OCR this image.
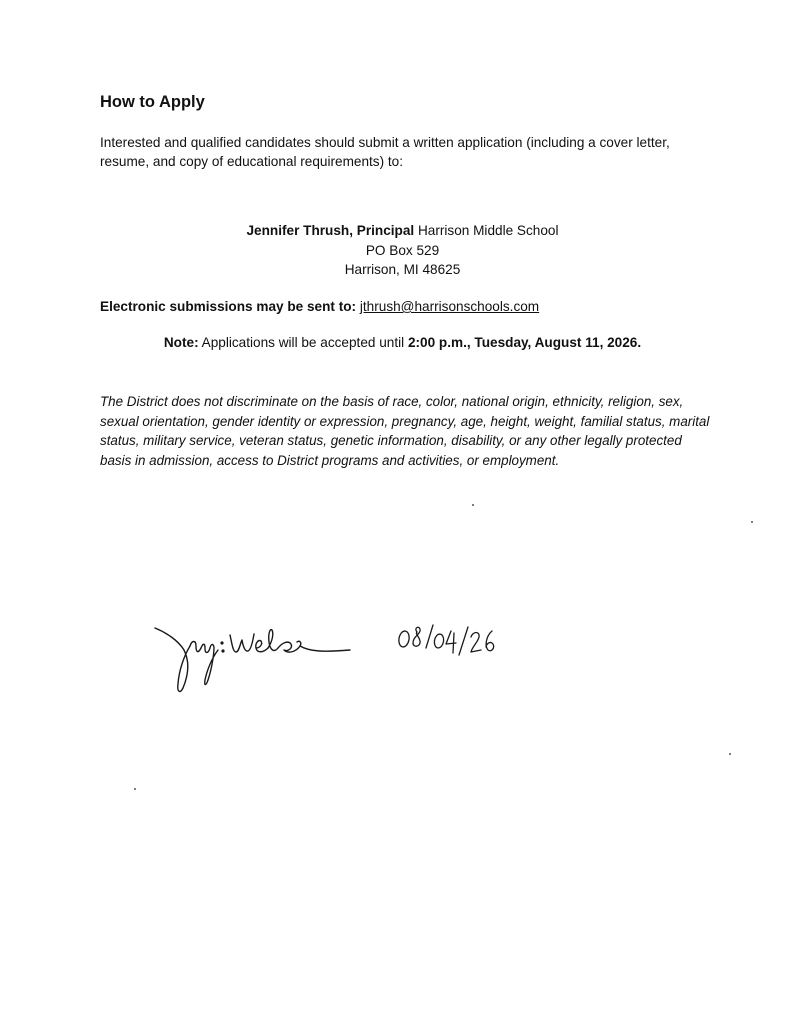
How to Apply

Interested and qualified candidates should submit a written application (including a cover letter, resume, and copy of educational requirements) to:

Jennifer Thrush, Principal Harrison Middle School
PO Box 529
Harrison, MI 48625
Electronic submissions may be sent to: jthrush@harrisonschools.com
Note: Applications will be accepted until 2:00 p.m., Tuesday, August 11, 2026.

The District does not discriminate on the basis of race, color, national origin, ethnicity, religion, sex, sexual orientation, gender identity or expression, pregnancy, age, height, weight, familial status, marital status, military service, veteran status, genetic information, disability, or any other legally protected basis in admission, access to District programs and activities, or employment.
